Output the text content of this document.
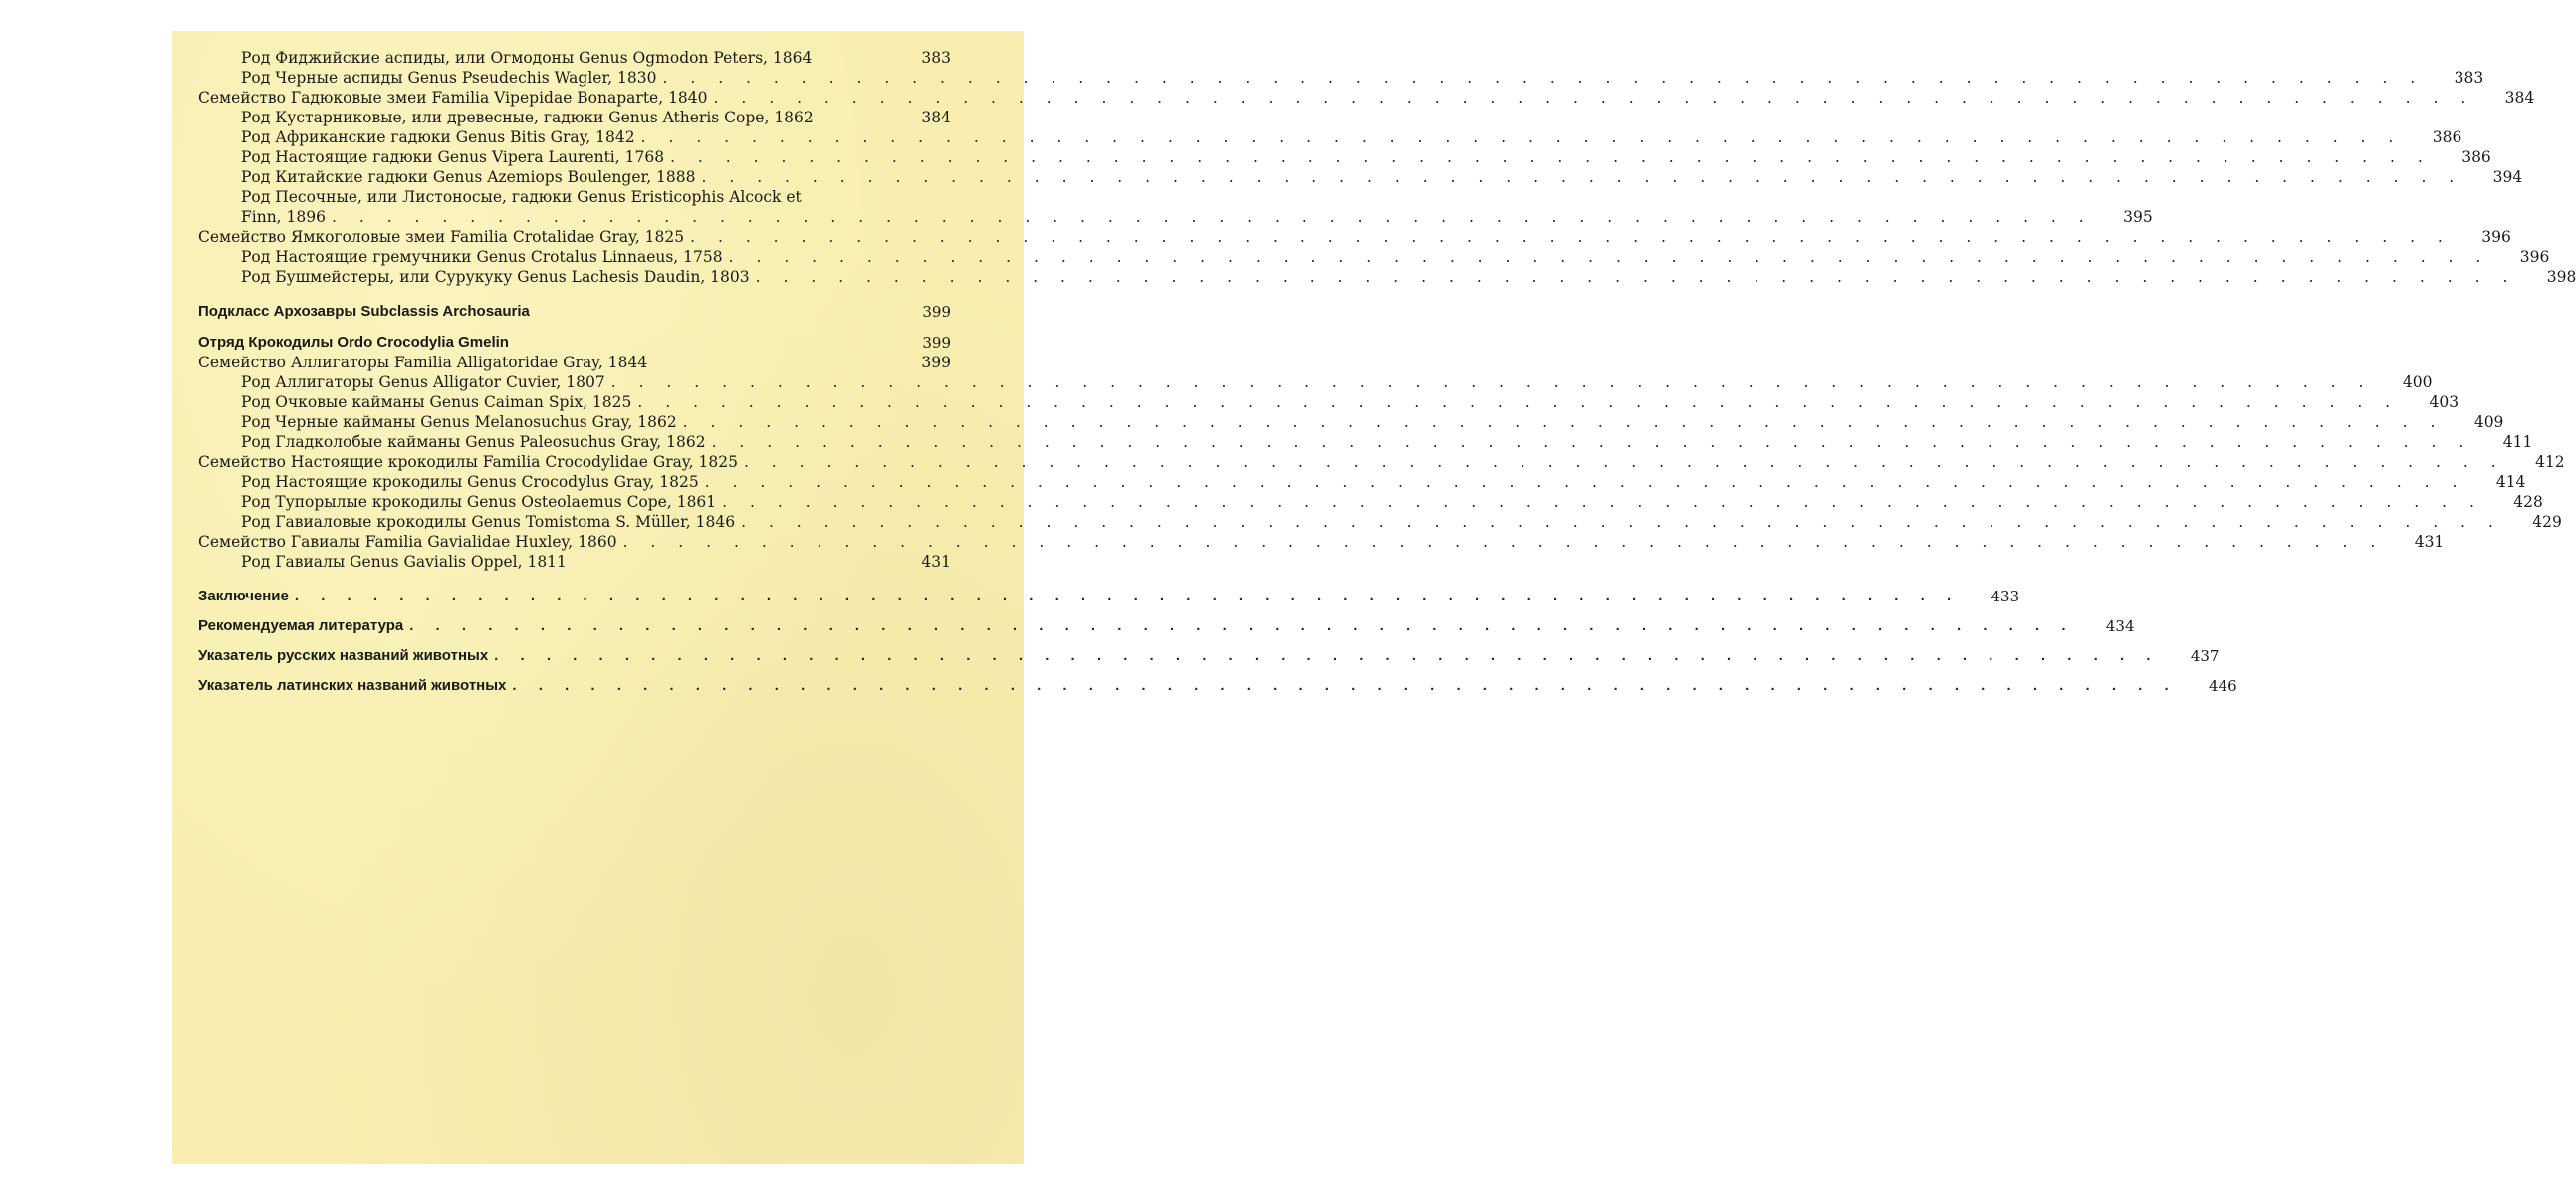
Род Фиджийские аспиды, или Огмодоны Genus Ogmodon Peters, 1864	383
Род Черные аспиды Genus Pseudechis Wagler, 1830 . . .	383
Семейство Гадюковые змеи Familia Vipepidae Bonaparte, 1840 . . .	384
Род Кустарниковые, или древесные, гадюки Genus Atheris Cope, 1862	384
Род Африканские гадюки Genus Bitis Gray, 1842 . . .	386
Род Настоящие гадюки Genus Vipera Laurenti, 1768 . . .	386
Род Китайские гадюки Genus Azemiops Boulenger, 1888 . . .	394
Род Песочные, или Листоносые, гадюки Genus Eristicophis Alcock et
Finn, 1896 . . .	395
Семейство Ямкоголовые змеи Familia Crotalidae Gray, 1825 . . .	396
Род Настоящие гремучники Genus Crotalus Linnaeus, 1758 . . .	396
Род Бушмейстеры, или Сурукуку Genus Lachesis Daudin, 1803 . . .	398
Подкласс Архозавры Subclassis Archosauria	399
Отряд Крокодилы Ordo Crocodylia Gmelin	399
Семейство Аллигаторы Familia Alligatoridae Gray, 1844	399
Род Аллигаторы Genus Alligator Cuvier, 1807 . . .	400
Род Очковые кайманы Genus Caiman Spix, 1825 . . .	403
Род Черные кайманы Genus Melanosuchus Gray, 1862 . . .	409
Род Гладколобые кайманы Genus Paleosuchus Gray, 1862 . . .	411
Семейство Настоящие крокодилы Familia Crocodylidae Gray, 1825 . . .	412
Род Настоящие крокодилы Genus Crocodylus Gray, 1825 . . .	414
Род Тупорылые крокодилы Genus Osteolaemus Cope, 1861 . . .	428
Род Гавиаловые крокодилы Genus Tomistoma S. Müller, 1846 . . .	429
Семейство Гавиалы Familia Gavialidae Huxley, 1860 . . .	431
Род Гавиалы Genus Gavialis Oppel, 1811	431
Заключение . . .	433
Рекомендуемая литература . . .	434
Указатель русских названий животных . . .	437
Указатель латинских названий животных . . .	446
